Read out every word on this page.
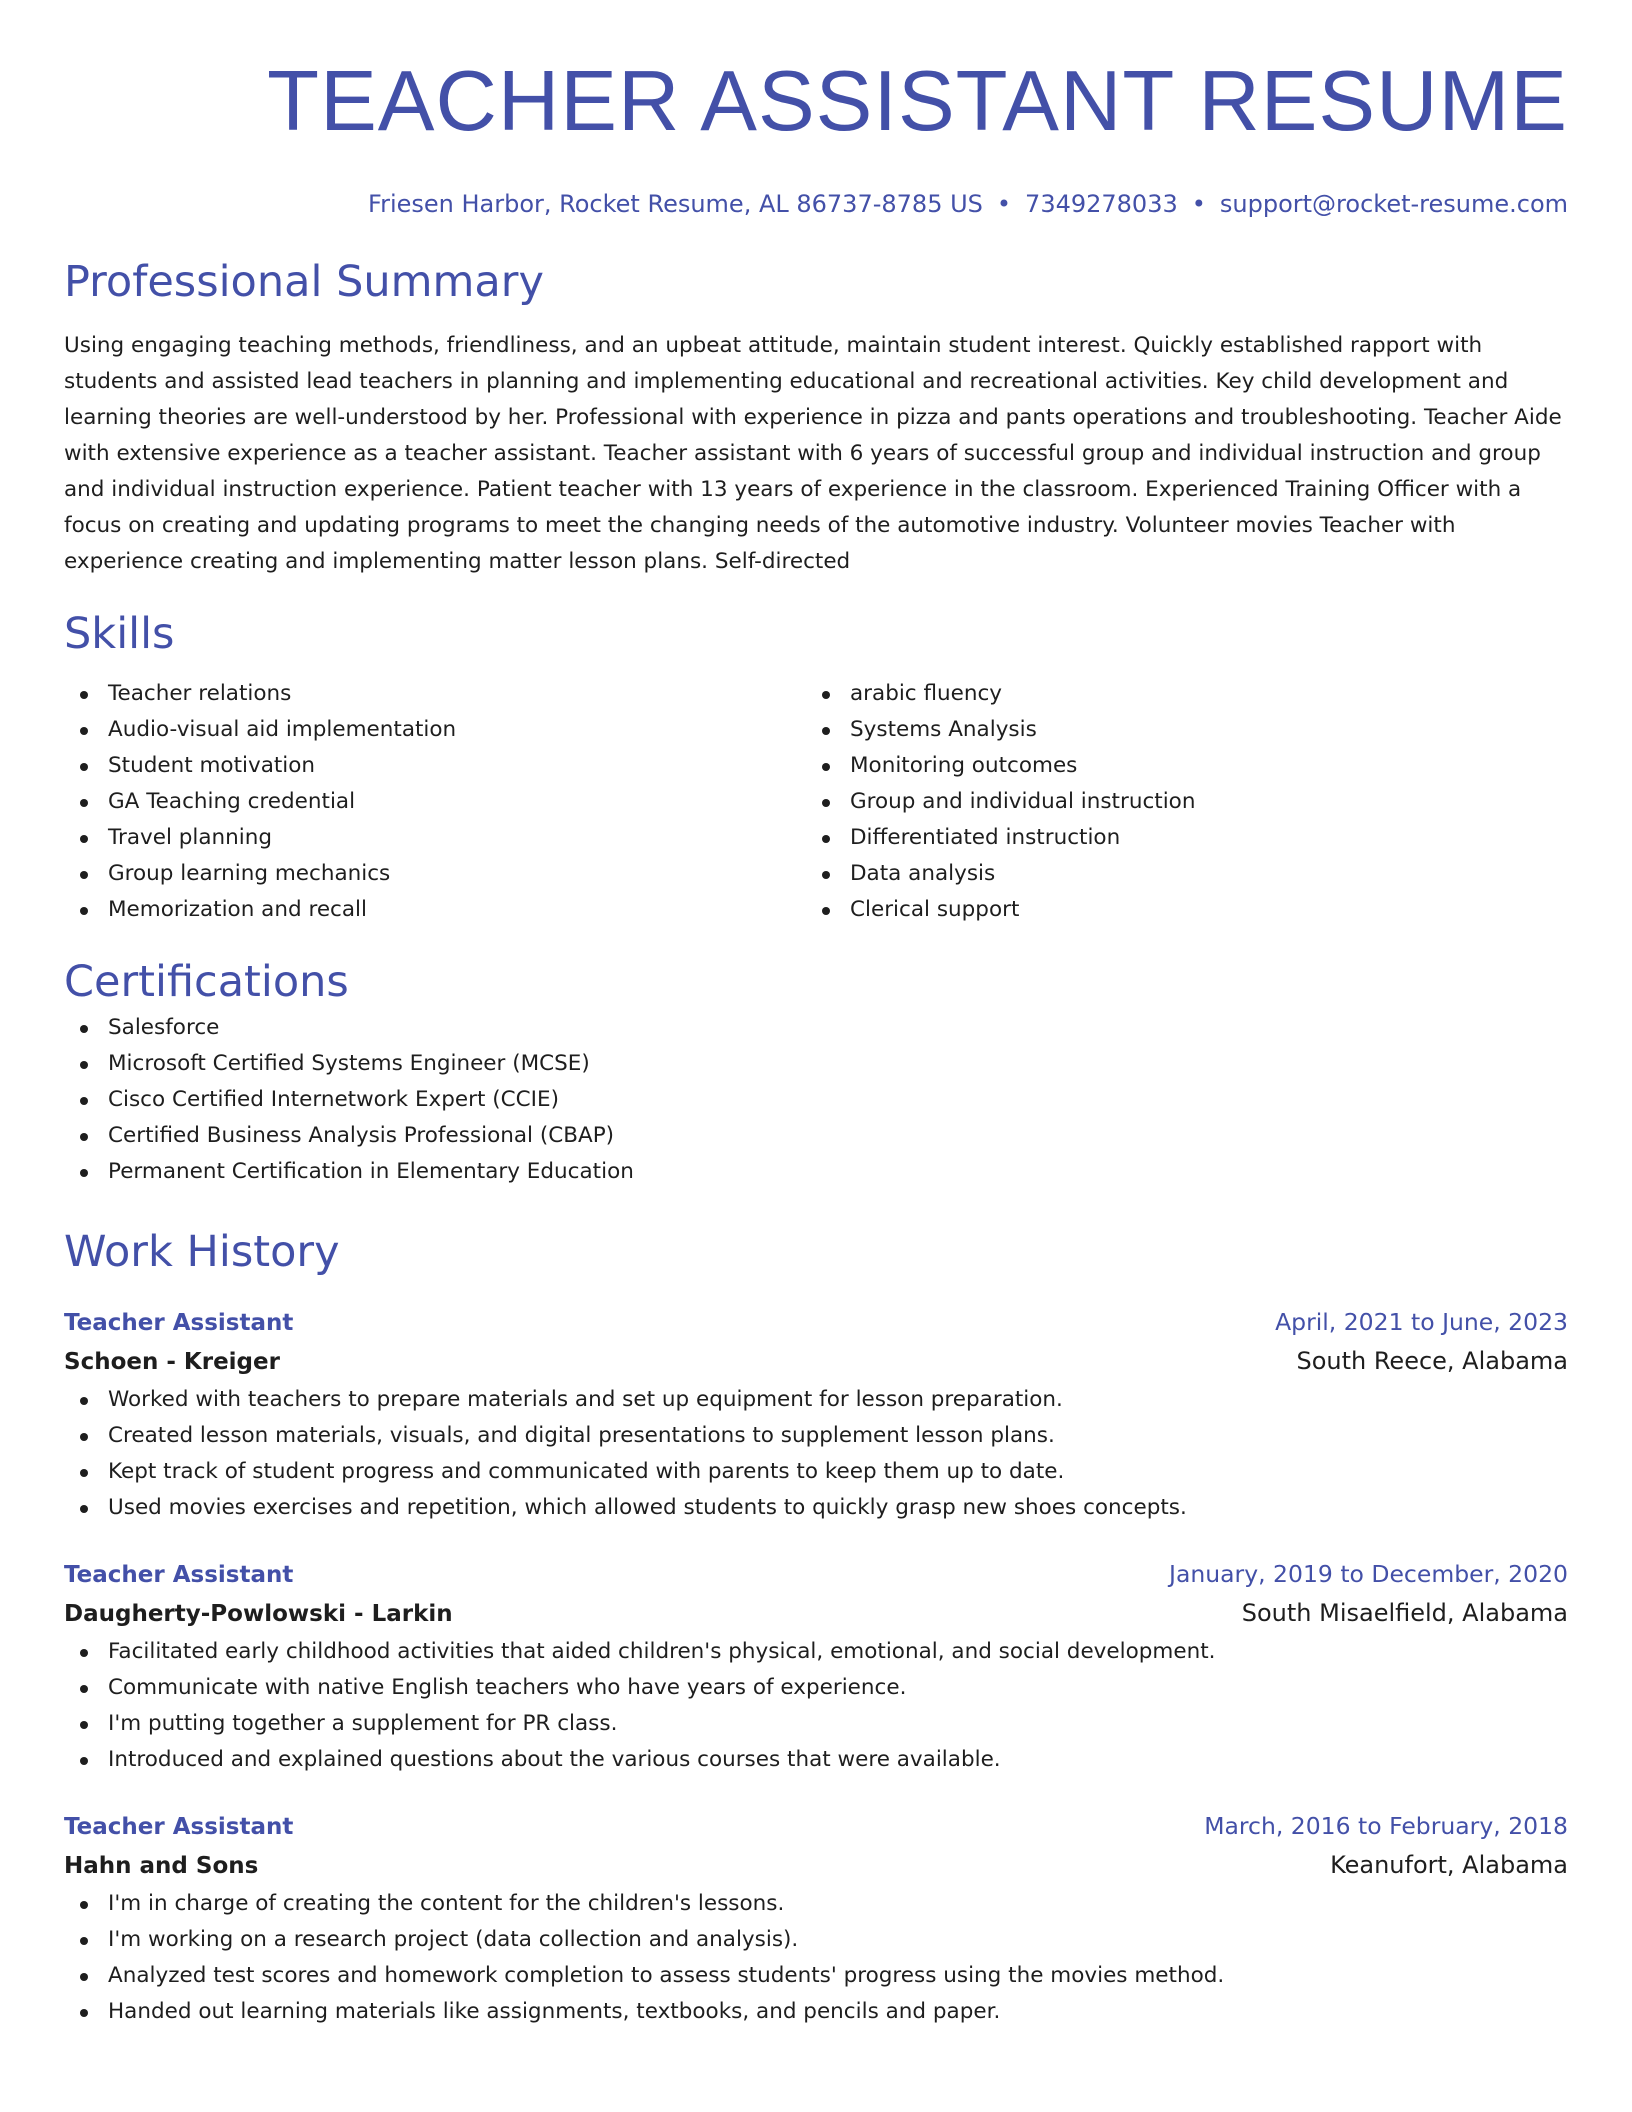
TEACHER ASSISTANT RESUME
Friesen Harbor, Rocket Resume, AL 86737-8785 US • 7349278033 • support@rocket-resume.com
Professional Summary

Using engaging teaching methods, friendliness, and an upbeat attitude, maintain student interest. Quickly established rapport with students and assisted lead teachers in planning and implementing educational and recreational activities. Key child development and learning theories are well-understood by her. Professional with experience in pizza and pants operations and troubleshooting. Teacher Aide with extensive experience as a teacher assistant. Teacher assistant with 6 years of successful group and individual instruction and group and individual instruction experience. Patient teacher with 13 years of experience in the classroom. Experienced Training Officer with a focus on creating and updating programs to meet the changing needs of the automotive industry. Volunteer movies Teacher with experience creating and implementing matter lesson plans. Self-directed

Skills
Teacher relations
Audio-visual aid implementation
Student motivation
GA Teaching credential
Travel planning
Group learning mechanics
Memorization and recall
arabic fluency
Systems Analysis
Monitoring outcomes
Group and individual instruction
Differentiated instruction
Data analysis
Clerical support
Certifications
Salesforce
Microsoft Certified Systems Engineer (MCSE)
Cisco Certified Internetwork Expert (CCIE)
Certified Business Analysis Professional (CBAP)
Permanent Certification in Elementary Education
Work History
Teacher Assistant	April, 2021 to June, 2023
Schoen - Kreiger	South Reece, Alabama
Worked with teachers to prepare materials and set up equipment for lesson preparation.
Created lesson materials, visuals, and digital presentations to supplement lesson plans.
Kept track of student progress and communicated with parents to keep them up to date.
Used movies exercises and repetition, which allowed students to quickly grasp new shoes concepts.
Teacher Assistant	January, 2019 to December, 2020
Daugherty-Powlowski - Larkin	South Misaelfield, Alabama
Facilitated early childhood activities that aided children's physical, emotional, and social development.
Communicate with native English teachers who have years of experience.
I'm putting together a supplement for PR class.
Introduced and explained questions about the various courses that were available.
Teacher Assistant	March, 2016 to February, 2018
Hahn and Sons	Keanufort, Alabama
I'm in charge of creating the content for the children's lessons.
I'm working on a research project (data collection and analysis).
Analyzed test scores and homework completion to assess students' progress using the movies method.
Handed out learning materials like assignments, textbooks, and pencils and paper.
